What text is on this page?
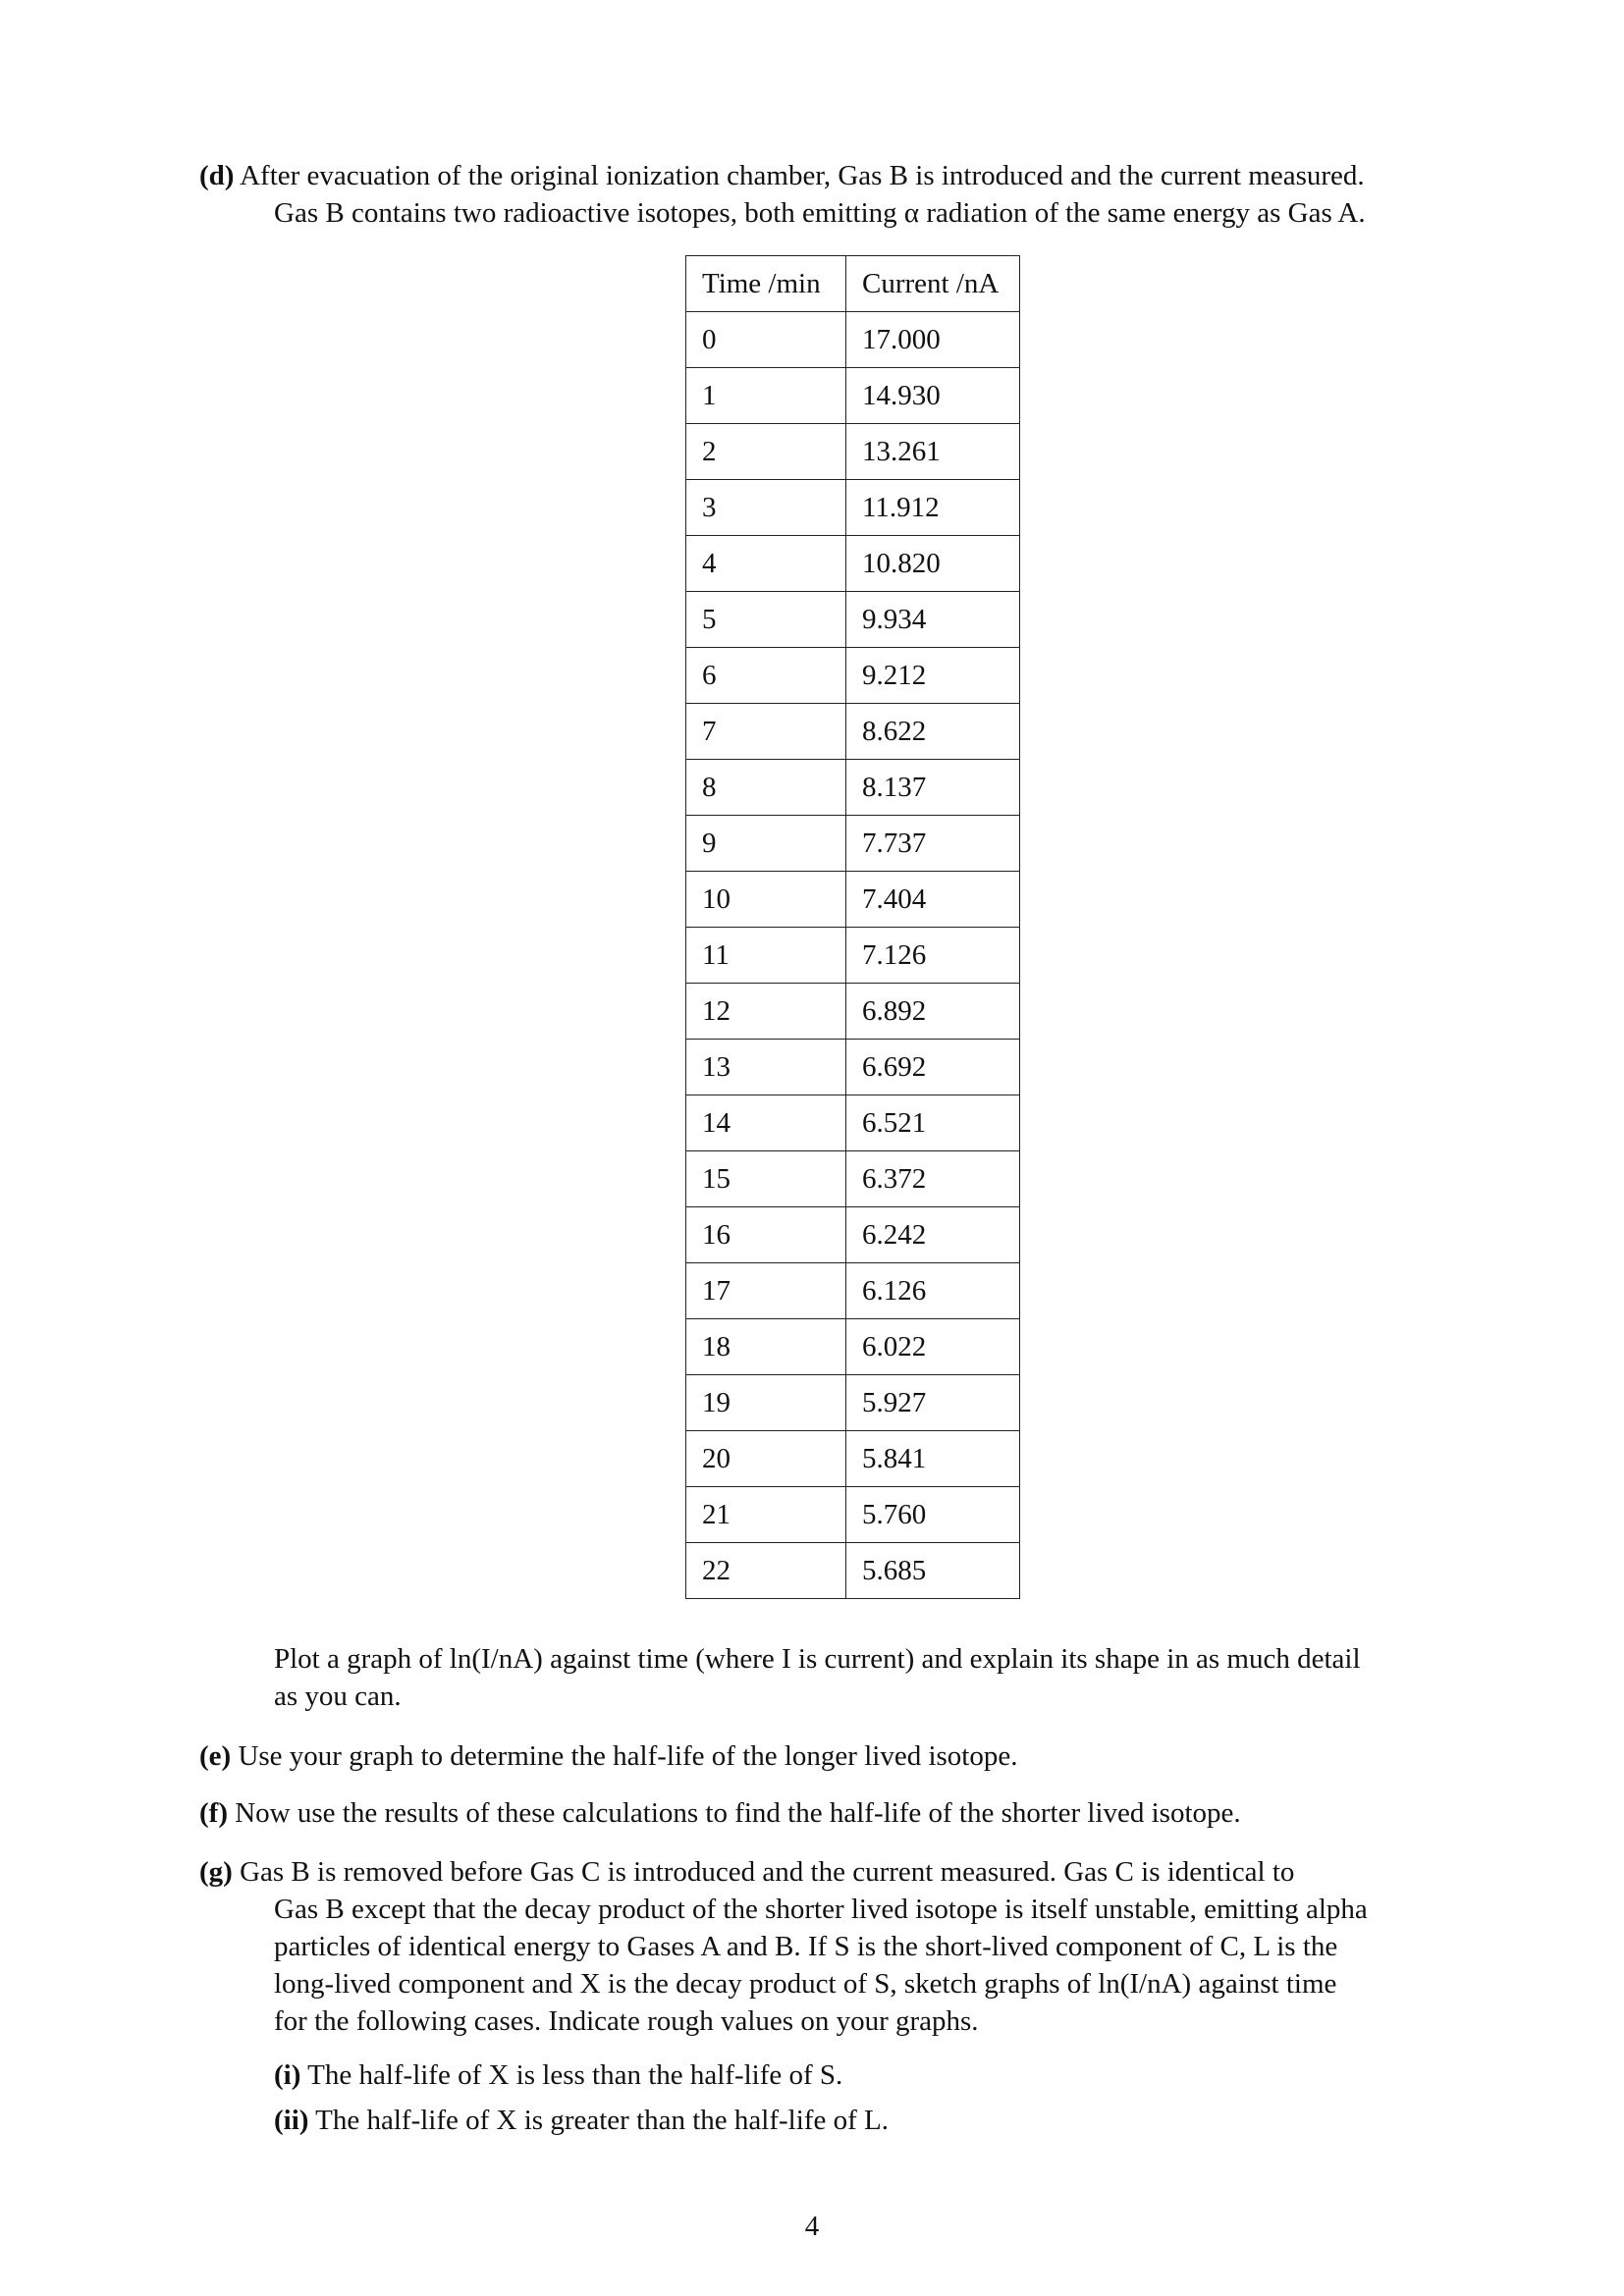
(d) After evacuation of the original ionization chamber, Gas B is introduced and the current measured.
Gas B contains two radioactive isotopes, both emitting α radiation of the same energy as Gas A.
Time /min	Current /nA
0	17.000
1	14.930
2	13.261
3	11.912
4	10.820
5	9.934
6	9.212
7	8.622
8	8.137
9	7.737
10	7.404
11	7.126
12	6.892
13	6.692
14	6.521
15	6.372
16	6.242
17	6.126
18	6.022
19	5.927
20	5.841
21	5.760
22	5.685
Plot a graph of ln(I/nA) against time (where I is current) and explain its shape in as much detail
as you can.
(e) Use your graph to determine the half-life of the longer lived isotope.
(f) Now use the results of these calculations to find the half-life of the shorter lived isotope.
(g) Gas B is removed before Gas C is introduced and the current measured. Gas C is identical to
Gas B except that the decay product of the shorter lived isotope is itself unstable, emitting alpha
particles of identical energy to Gases A and B. If S is the short-lived component of C, L is the
long-lived component and X is the decay product of S, sketch graphs of ln(I/nA) against time
for the following cases. Indicate rough values on your graphs.
(i) The half-life of X is less than the half-life of S.
(ii) The half-life of X is greater than the half-life of L.
4
